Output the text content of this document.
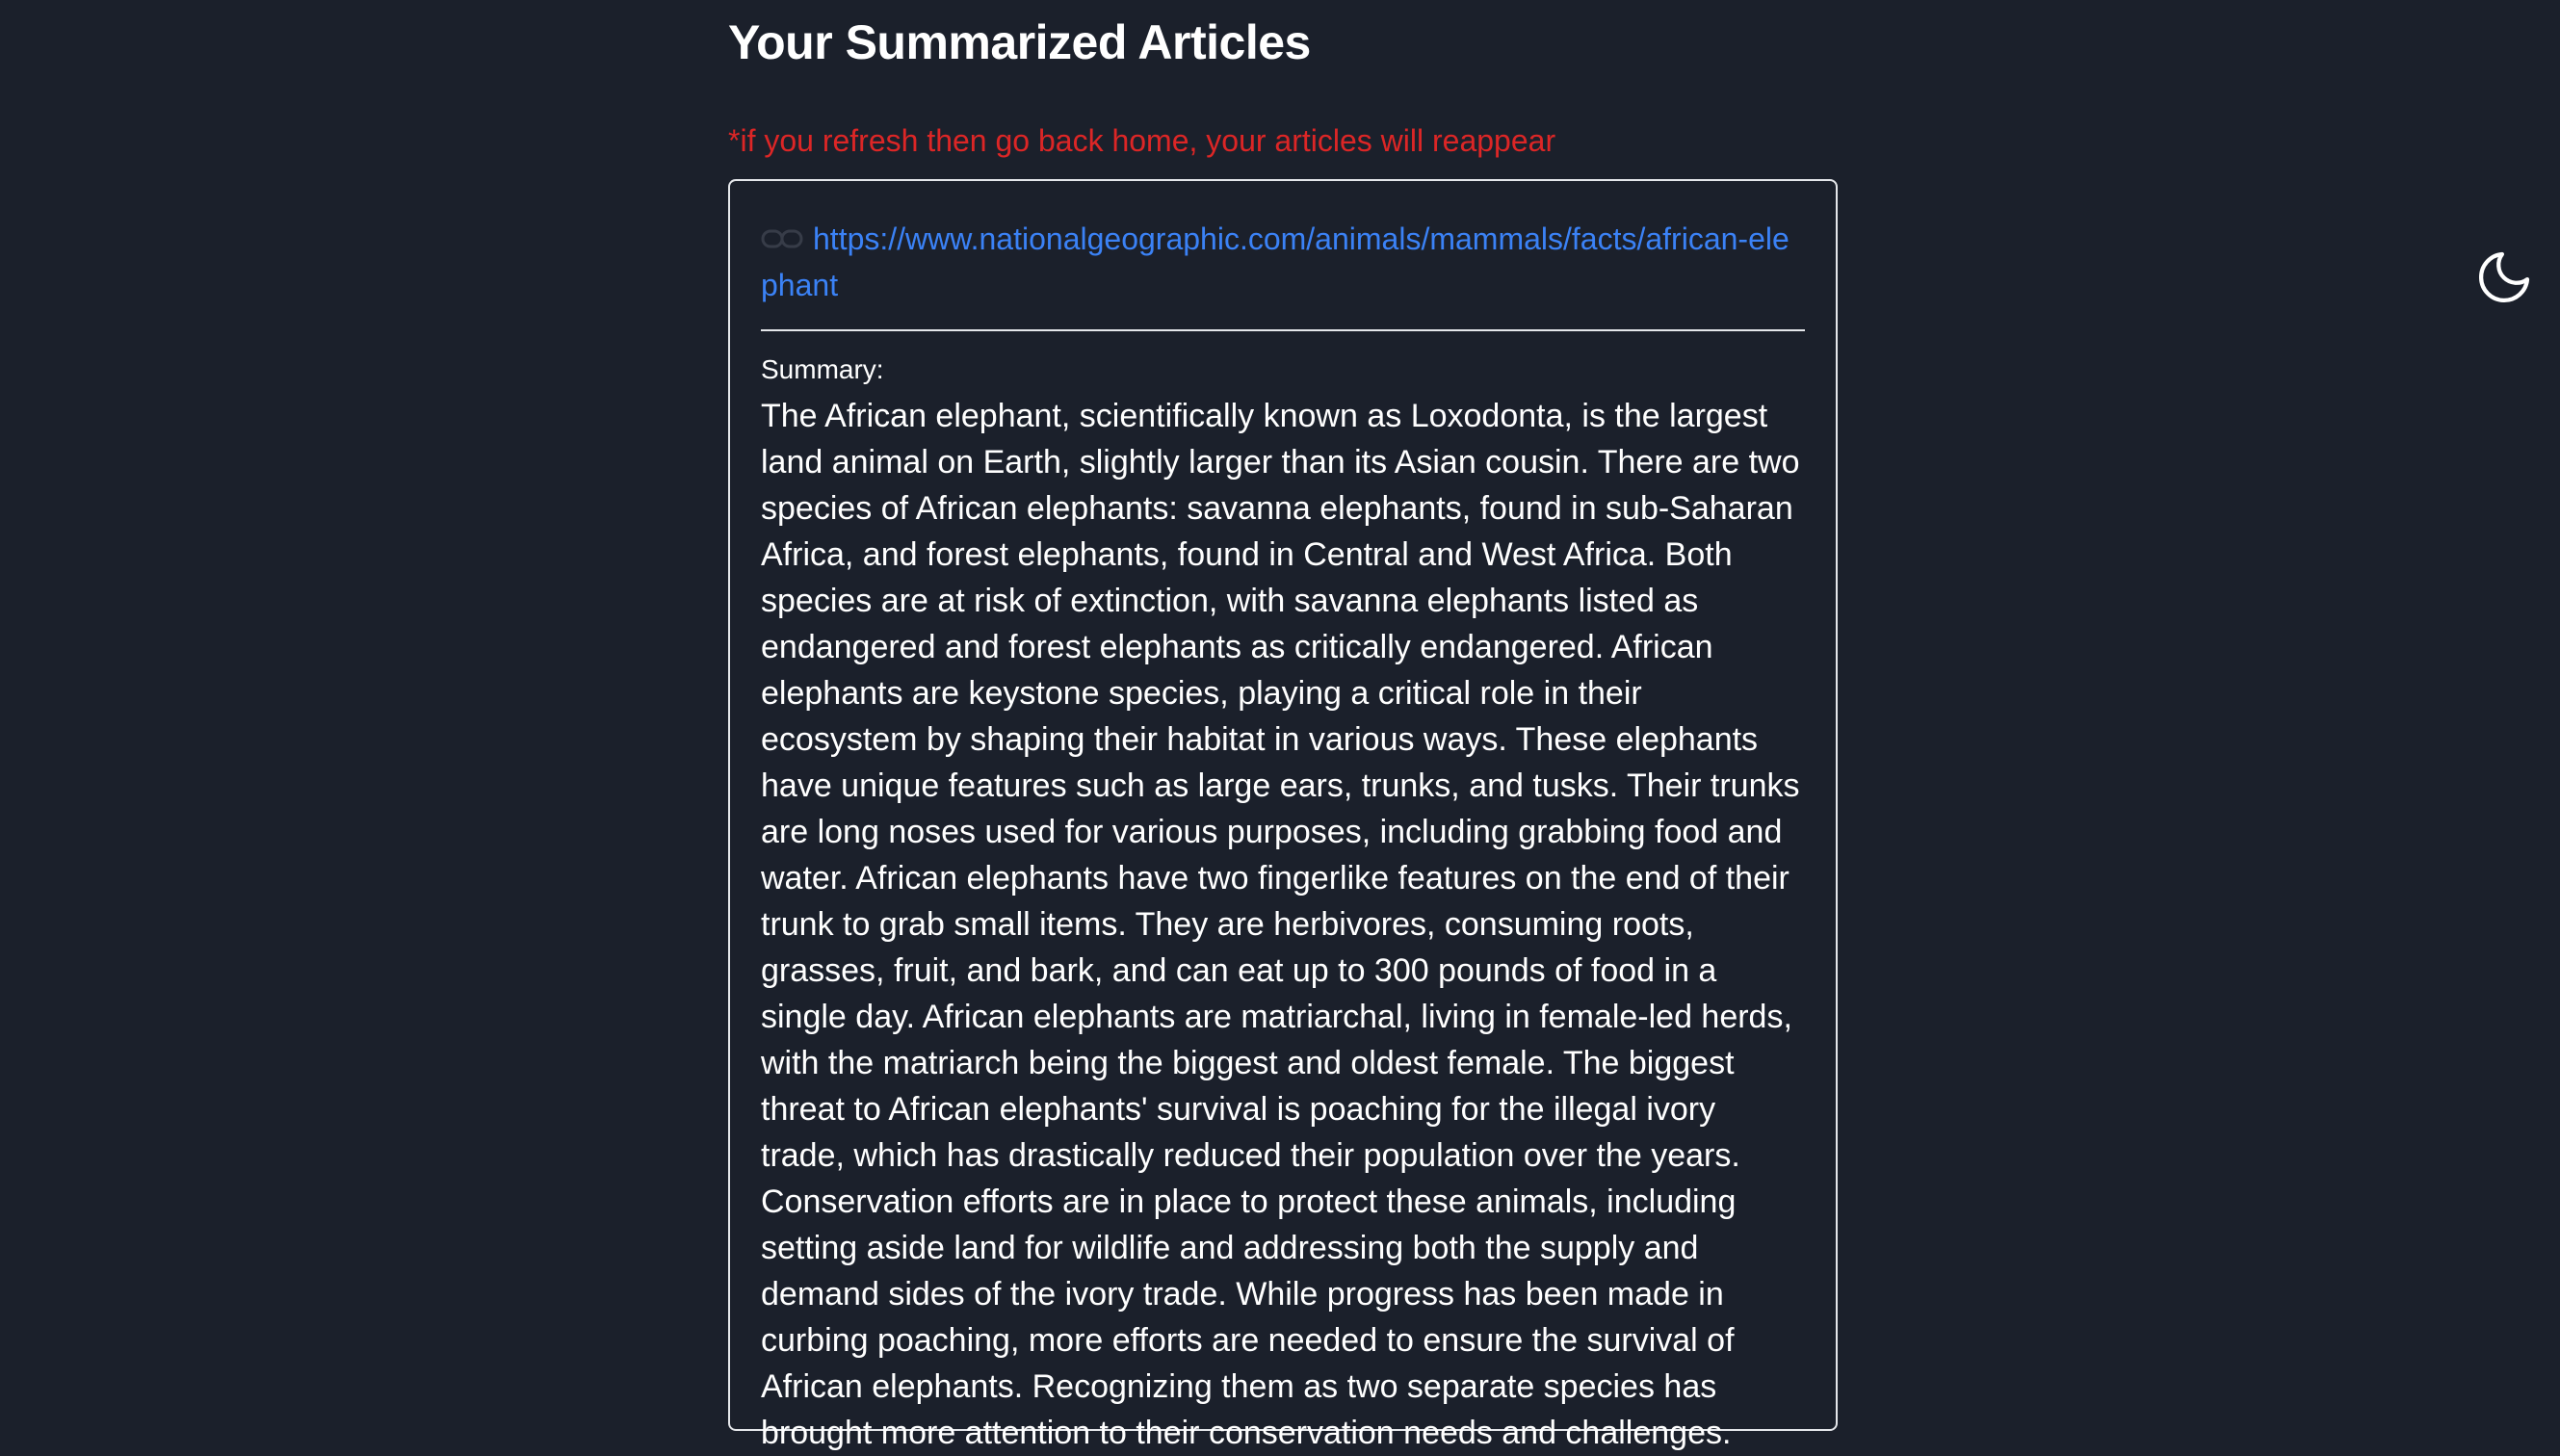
Your Summarized Articles
*if you refresh then go back home, your articles will reappear
https://www.nationalgeographic.com/animals/mammals/facts/african-elephant
Summary:

The African elephant, scientifically known as Loxodonta, is the largest land animal on Earth, slightly larger than its Asian cousin. There are two species of African elephants: savanna elephants, found in sub-Saharan Africa, and forest elephants, found in Central and West Africa. Both species are at risk of extinction, with savanna elephants listed as endangered and forest elephants as critically endangered. African elephants are keystone species, playing a critical role in their ecosystem by shaping their habitat in various ways. These elephants have unique features such as large ears, trunks, and tusks. Their trunks are long noses used for various purposes, including grabbing food and water. African elephants have two fingerlike features on the end of their trunk to grab small items. They are herbivores, consuming roots, grasses, fruit, and bark, and can eat up to 300 pounds of food in a single day. African elephants are matriarchal, living in female-led herds, with the matriarch being the biggest and oldest female. The biggest threat to African elephants' survival is poaching for the illegal ivory trade, which has drastically reduced their population over the years. Conservation efforts are in place to protect these animals, including setting aside land for wildlife and addressing both the supply and demand sides of the ivory trade. While progress has been made in curbing poaching, more efforts are needed to ensure the survival of African elephants. Recognizing them as two separate species has brought more attention to their conservation needs and challenges.
